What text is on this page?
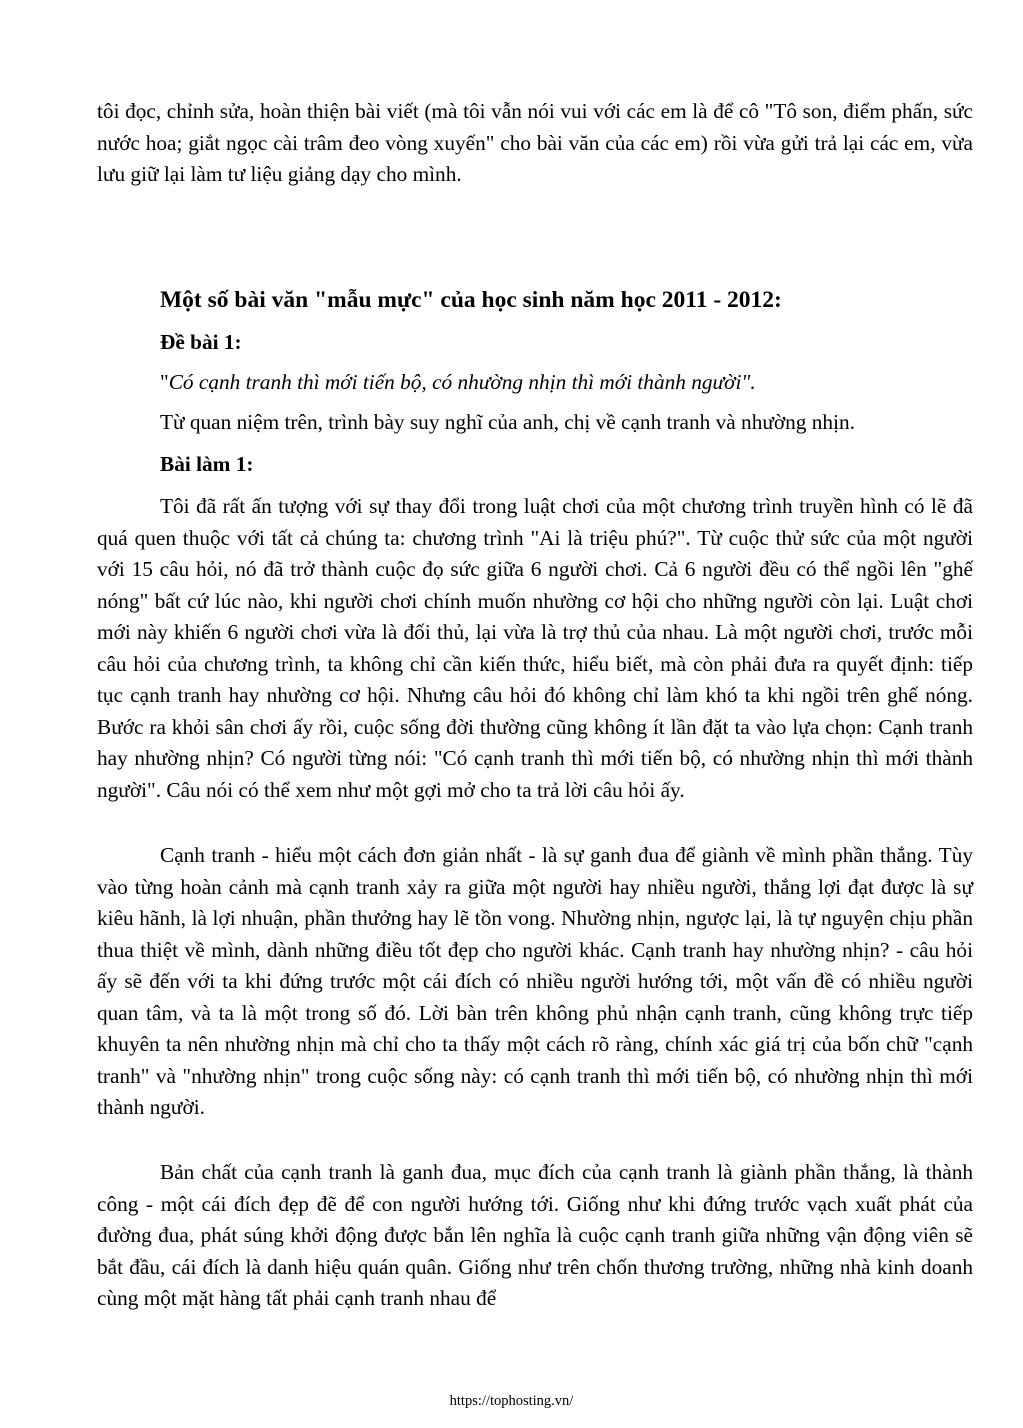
tôi đọc, chỉnh sửa, hoàn thiện bài viết (mà tôi vẫn nói vui với các em là để cô "Tô son, điểm phấn, sức nước hoa; giắt ngọc cài trâm đeo vòng xuyến" cho bài văn của các em) rồi vừa gửi trả lại các em, vừa lưu giữ lại làm tư liệu giảng dạy cho mình.

Một số bài văn "mẫu mực" của học sinh năm học 2011 - 2012:

Đề bài 1:

"Có cạnh tranh thì mới tiến bộ, có nhường nhịn thì mới thành người".

Từ quan niệm trên, trình bày suy nghĩ của anh, chị về cạnh tranh và nhường nhịn.

Bài làm 1:

Tôi đã rất ấn tượng với sự thay đổi trong luật chơi của một chương trình truyền hình có lẽ đã quá quen thuộc với tất cả chúng ta: chương trình "Ai là triệu phú?". Từ cuộc thử sức của một người với 15 câu hỏi, nó đã trở thành cuộc đọ sức giữa 6 người chơi. Cả 6 người đều có thể ngồi lên "ghế nóng" bất cứ lúc nào, khi người chơi chính muốn nhường cơ hội cho những người còn lại. Luật chơi mới này khiến 6 người chơi vừa là đối thủ, lại vừa là trợ thủ của nhau. Là một người chơi, trước mỗi câu hỏi của chương trình, ta không chỉ cần kiến thức, hiểu biết, mà còn phải đưa ra quyết định: tiếp tục cạnh tranh hay nhường cơ hội. Nhưng câu hỏi đó không chỉ làm khó ta khi ngồi trên ghế nóng. Bước ra khỏi sân chơi ấy rồi, cuộc sống đời thường cũng không ít lần đặt ta vào lựa chọn: Cạnh tranh hay nhường nhịn? Có người từng nói: "Có cạnh tranh thì mới tiến bộ, có nhường nhịn thì mới thành người". Câu nói có thể xem như một gợi mở cho ta trả lời câu hỏi ấy.

Cạnh tranh - hiểu một cách đơn giản nhất - là sự ganh đua để giành về mình phần thắng. Tùy vào từng hoàn cảnh mà cạnh tranh xảy ra giữa một người hay nhiều người, thắng lợi đạt được là sự kiêu hãnh, là lợi nhuận, phần thưởng hay lẽ tồn vong. Nhường nhịn, ngược lại, là tự nguyện chịu phần thua thiệt về mình, dành những điều tốt đẹp cho người khác. Cạnh tranh hay nhường nhịn? - câu hỏi ấy sẽ đến với ta khi đứng trước một cái đích có nhiều người hướng tới, một vấn đề có nhiều người quan tâm, và ta là một trong số đó. Lời bàn trên không phủ nhận cạnh tranh, cũng không trực tiếp khuyên ta nên nhường nhịn mà chỉ cho ta thấy một cách rõ ràng, chính xác giá trị của bốn chữ "cạnh tranh" và "nhường nhịn" trong cuộc sống này: có cạnh tranh thì mới tiến bộ, có nhường nhịn thì mới thành người.

Bản chất của cạnh tranh là ganh đua, mục đích của cạnh tranh là giành phần thắng, là thành công - một cái đích đẹp đẽ để con người hướng tới. Giống như khi đứng trước vạch xuất phát của đường đua, phát súng khởi động được bắn lên nghĩa là cuộc cạnh tranh giữa những vận động viên sẽ bắt đầu, cái đích là danh hiệu quán quân. Giống như trên chốn thương trường, những nhà kinh doanh cùng một mặt hàng tất phải cạnh tranh nhau để

https://tophosting.vn/
